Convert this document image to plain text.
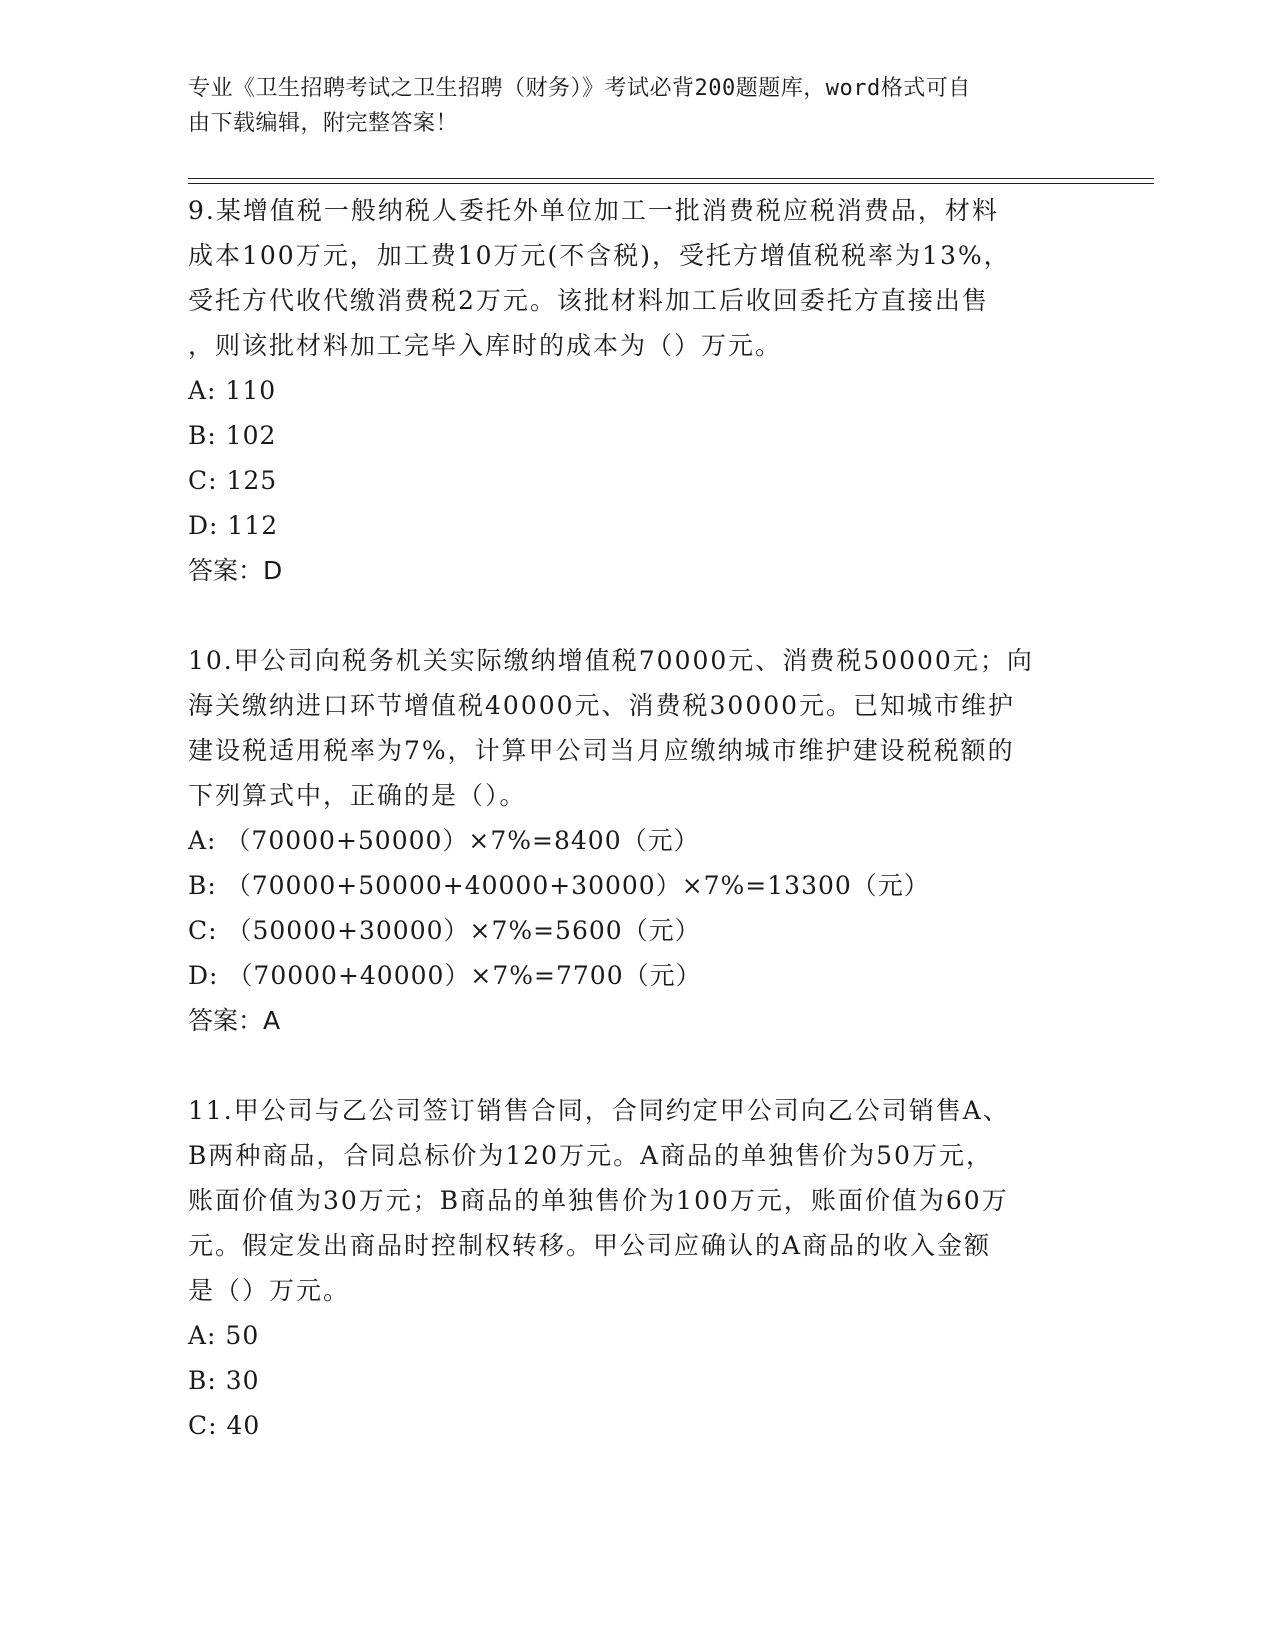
专业《卫生招聘考试之卫生招聘（财务）》考试必背200题题库，word格式可自
由下载编辑，附完整答案！
9.某增值税一般纳税人委托外单位加工一批消费税应税消费品，材料
成本100万元，加工费10万元(不含税)，受托方增值税税率为13%，
受托方代收代缴消费税2万元。该批材料加工后收回委托方直接出售
，则该批材料加工完毕入库时的成本为（）万元。
A: 110
B: 102
C: 125
D: 112
答案：D
10.甲公司向税务机关实际缴纳增值税70000元、消费税50000元；向
海关缴纳进口环节增值税40000元、消费税30000元。已知城市维护
建设税适用税率为7%，计算甲公司当月应缴纳城市维护建设税税额的
下列算式中，正确的是（）。
A: （70000+50000）×7%=8400（元）
B: （70000+50000+40000+30000）×7%=13300（元）
C: （50000+30000）×7%=5600（元）
D: （70000+40000）×7%=7700（元）
答案：A
11.甲公司与乙公司签订销售合同，合同约定甲公司向乙公司销售A、
B两种商品，合同总标价为120万元。A商品的单独售价为50万元，
账面价值为30万元；B商品的单独售价为100万元，账面价值为60万
元。假定发出商品时控制权转移。甲公司应确认的A商品的收入金额
是（）万元。
A: 50
B: 30
C: 40
